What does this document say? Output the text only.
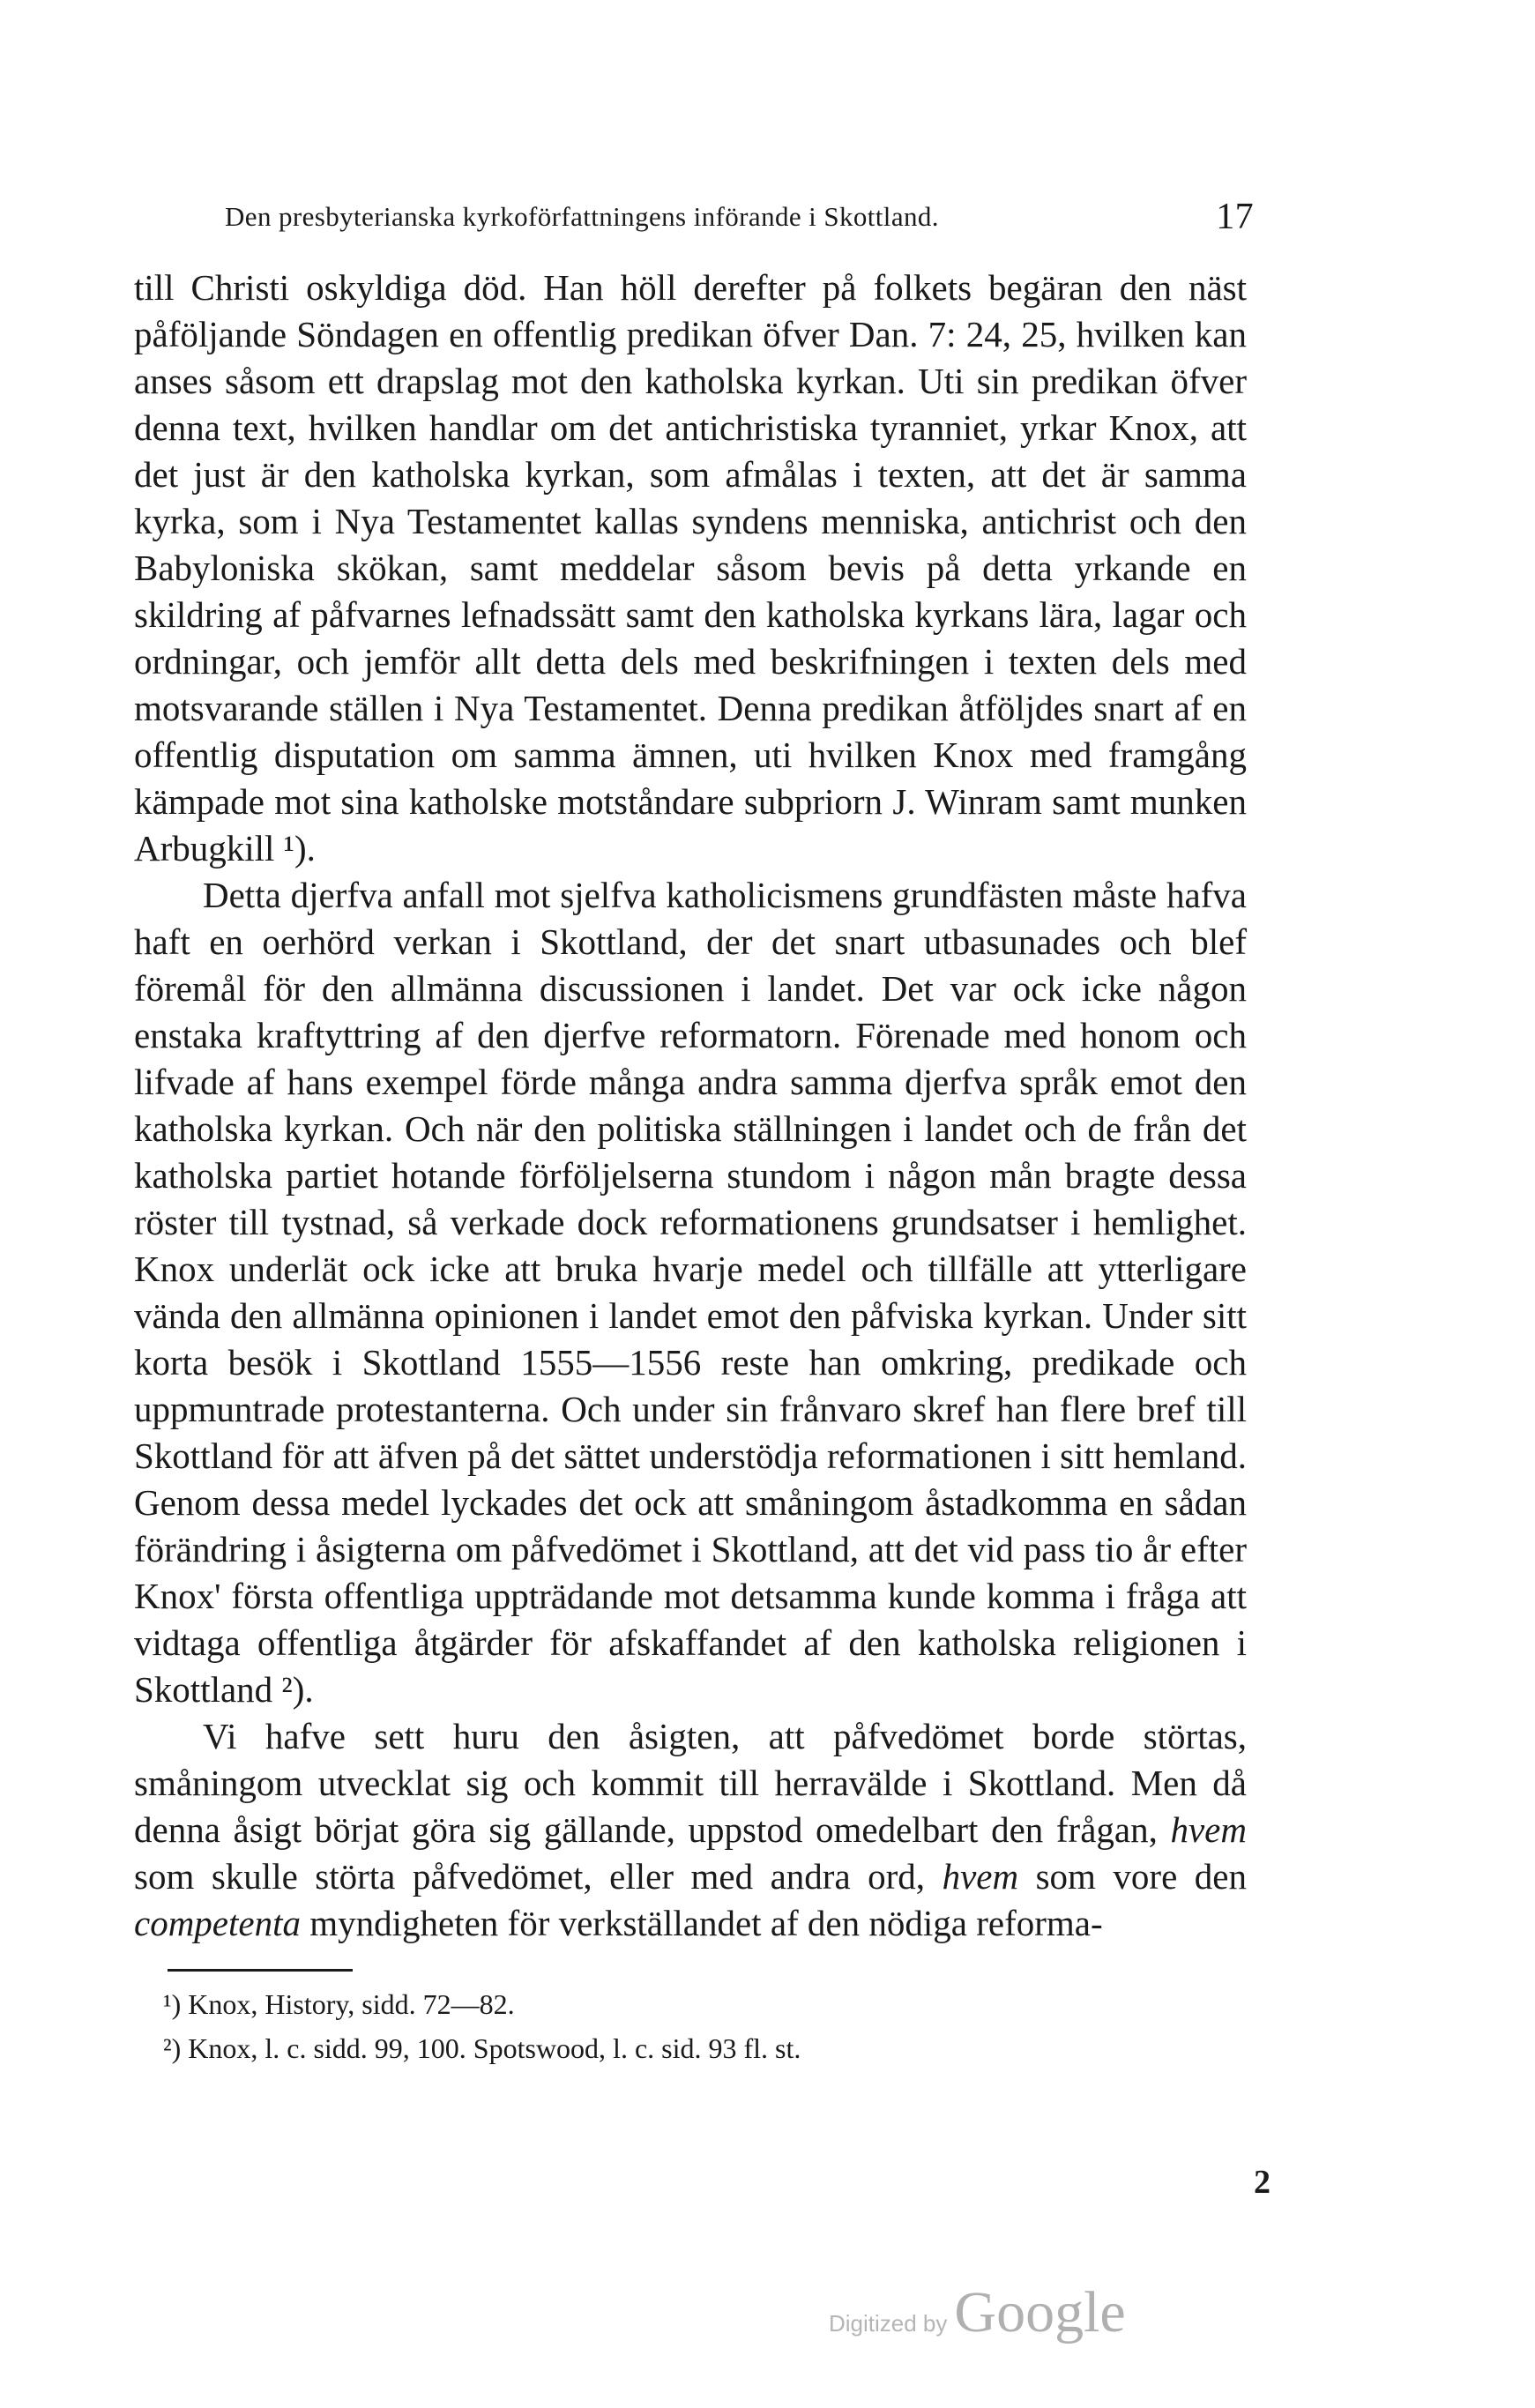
Den presbyterianska kyrkoförfattningens införande i Skottland.	17

till Christi oskyldiga död. Han höll derefter på folkets begäran den näst påföljande Söndagen en offentlig predikan öfver Dan. 7: 24, 25, hvilken kan anses såsom ett drapslag mot den katholska kyrkan. Uti sin predikan öfver denna text, hvilken handlar om det antichristiska tyranniet, yrkar Knox, att det just är den katholska kyrkan, som afmålas i texten, att det är samma kyrka, som i Nya Testamentet kallas syndens menniska, antichrist och den Babyloniska skökan, samt meddelar såsom bevis på detta yrkande en skildring af påfvarnes lefnadssätt samt den katholska kyrkans lära, lagar och ordningar, och jemför allt detta dels med beskrifningen i texten dels med motsvarande ställen i Nya Testamentet. Denna predikan åtföljdes snart af en offentlig disputation om samma ämnen, uti hvilken Knox med framgång kämpade mot sina katholske motståndare subpriorn J. Winram samt munken Arbugkill ¹).

Detta djerfva anfall mot sjelfva katholicismens grundfästen måste hafva haft en oerhörd verkan i Skottland, der det snart utbasunades och blef föremål för den allmänna discussionen i landet. Det var ock icke någon enstaka kraftyttring af den djerfve reformatorn. Förenade med honom och lifvade af hans exempel förde många andra samma djerfva språk emot den katholska kyrkan. Och när den politiska ställningen i landet och de från det katholska partiet hotande förföljelserna stundom i någon mån bragte dessa röster till tystnad, så verkade dock reformationens grundsatser i hemlighet. Knox underlät ock icke att bruka hvarje medel och tillfälle att ytterligare vända den allmänna opinionen i landet emot den påfviska kyrkan. Under sitt korta besök i Skottland 1555—1556 reste han omkring, predikade och uppmuntrade protestanterna. Och under sin frånvaro skref han flere bref till Skottland för att äfven på det sättet understödja reformationen i sitt hemland. Genom dessa medel lyckades det ock att småningom åstadkomma en sådan förändring i åsigterna om påfvedömet i Skottland, att det vid pass tio år efter Knox' första offentliga uppträdande mot detsamma kunde komma i fråga att vidtaga offentliga åtgärder för afskaffandet af den katholska religionen i Skottland ²).

Vi hafve sett huru den åsigten, att påfvedömet borde störtas, småningom utvecklat sig och kommit till herravälde i Skottland. Men då denna åsigt börjat göra sig gällande, uppstod omedelbart den frågan, hvem som skulle störta påfvedömet, eller med andra ord, hvem som vore den competenta myndigheten för verkställandet af den nödiga reforma-

¹) Knox, History, sidd. 72—82.
²) Knox, l. c. sidd. 99, 100. Spotswood, l. c. sid. 93 fl. st.
2
Digitized by Google
